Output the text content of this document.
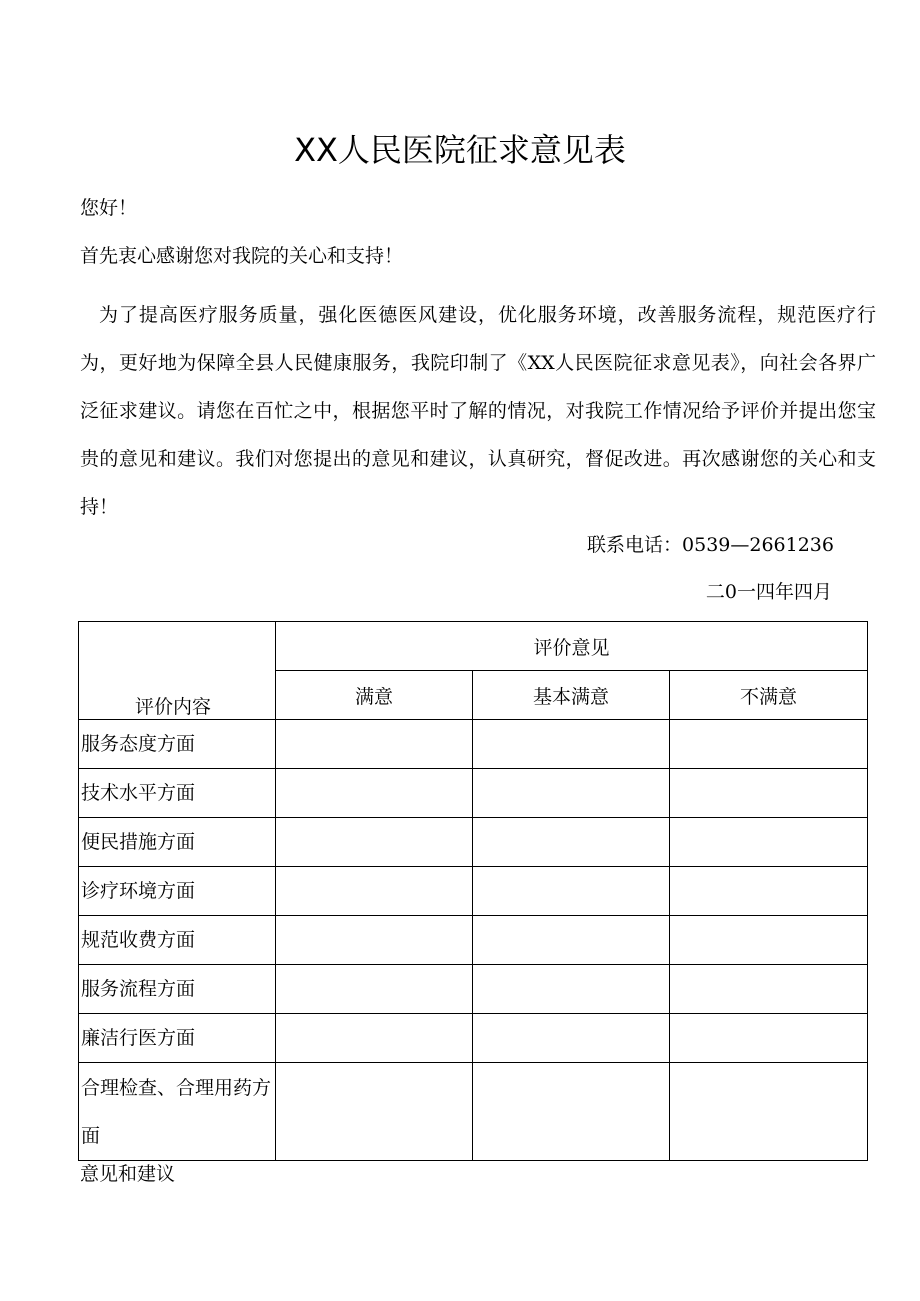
XX人民医院征求意见表
您好！
首先衷心感谢您对我院的关心和支持！
为了提高医疗服务质量，强化医德医风建设，优化服务环境，改善服务流程，规范医疗行为，更好地为保障全县人民健康服务，我院印制了《XX人民医院征求意见表》，向社会各界广泛征求建议。请您在百忙之中，根据您平时了解的情况，对我院工作情况给予评价并提出您宝贵的意见和建议。我们对您提出的意见和建议，认真研究，督促改进。再次感谢您的关心和支持！
联系电话：0539—2661236
二0一四年四月
评价内容	评价意见		
	满意	基本满意	不满意
服务态度方面			
技术水平方面			
便民措施方面			
诊疗环境方面			
规范收费方面			
服务流程方面			
廉洁行医方面			
合理检查、合理用药方面			
意见和建议
